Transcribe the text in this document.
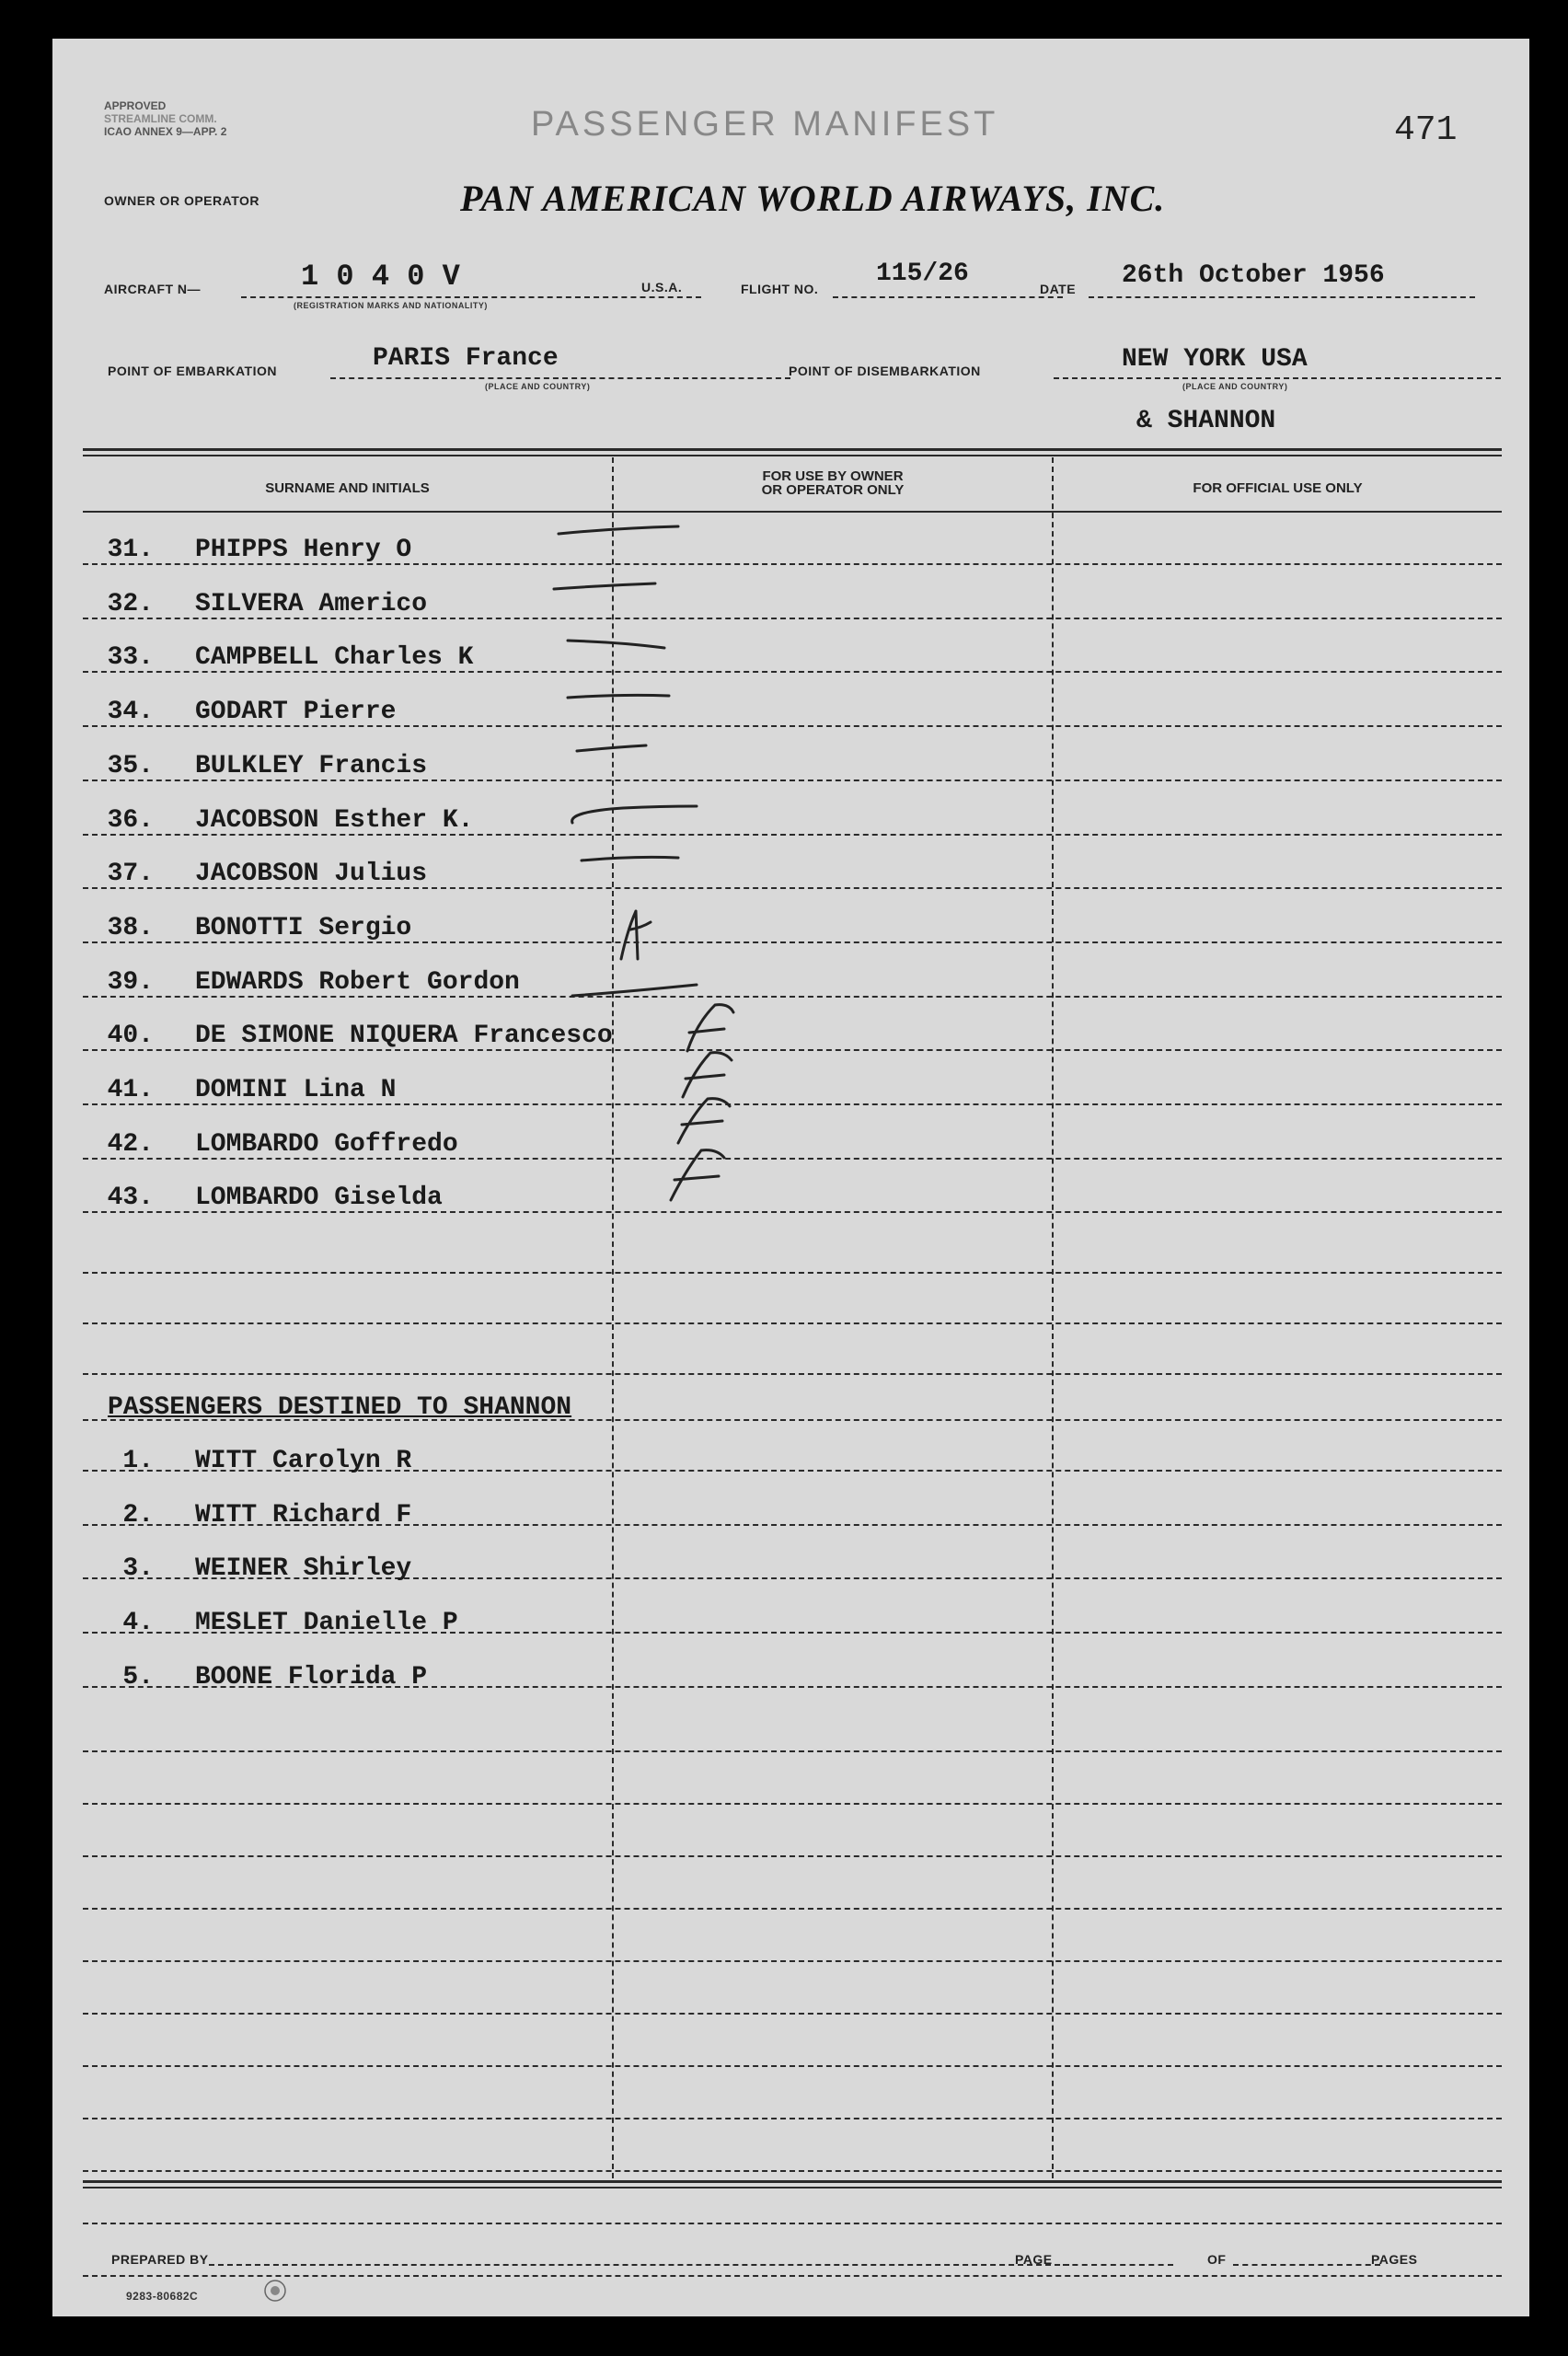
APPROVED
STREAMLINE COMM.
ICAO ANNEX 9—APP. 2	PASSENGER MANIFEST	471
OWNER OR OPERATOR	PAN AMERICAN WORLD AIRWAYS, INC.
AIRCRAFT N—	1 0 4 0 V
(REGISTRATION MARKS AND NATIONALITY)
U.S.A.	FLIGHT NO.
115/26
DATE 26th October 1956
POINT OF EMBARKATION	PARIS France
(PLACE AND COUNTRY)
POINT OF DISEMBARKATION	NEW YORK USA
(PLACE AND COUNTRY)
& SHANNON
SURNAME AND INITIALS
FOR USE BY OWNER
OR OPERATOR ONLY	FOR OFFICIAL USE ONLY
31. PHIPPS Henry O
32. SILVERA Americo
33. CAMPBELL Charles K
34. GODART Pierre
35. BULKLEY Francis
36. JACOBSON Esther K.
37. JACOBSON Julius
38. BONOTTI Sergio
39. EDWARDS Robert Gordon
40. DE SIMONE NIQUERA Francesco
41. DOMINI Lina N
42. LOMBARDO Goffredo
43. LOMBARDO Giselda
PASSENGERS DESTINED TO SHANNON
1. WITT Carolyn R
2. WITT Richard F
3. WEINER Shirley
4. MESLET Danielle P
5. BOONE Florida P
PREPARED BY	PAGE	OF	PAGES
9283-80682C
